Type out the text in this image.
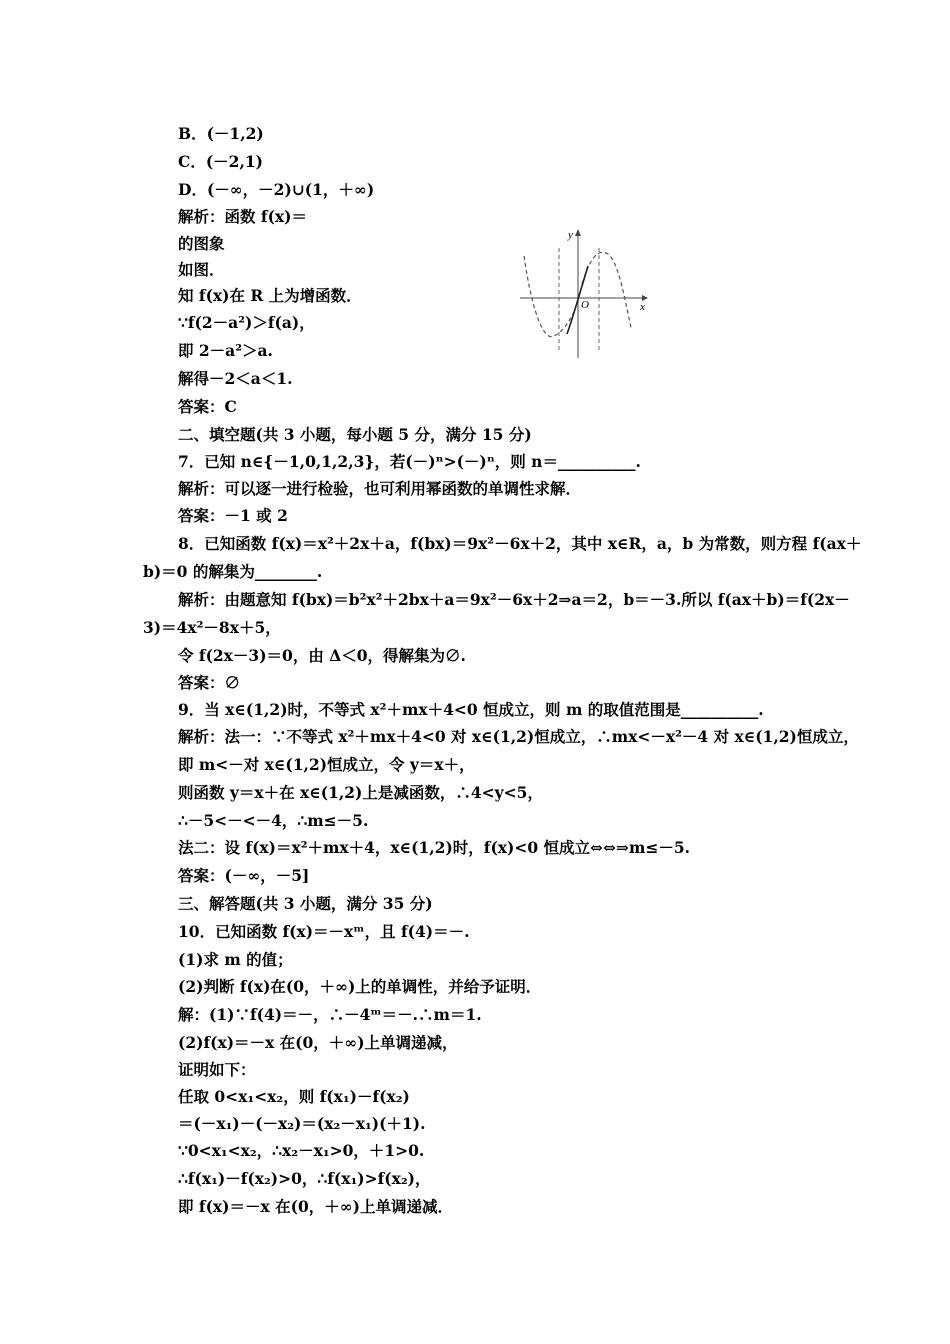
B．(－1,2)
C．(－2,1)
D．(－∞，－2)∪(1，＋∞)
解析：函数 f(x)＝
的图象
如图．
知 f(x)在 R 上为增函数．
∵f(2－a²)＞f(a)，
即 2－a²＞a.
解得－2＜a＜1.
答案：C
二、填空题(共 3 小题，每小题 5 分，满分 15 分)
7．已知 n∈{－1,0,1,2,3}，若(－)ⁿ>(－)ⁿ，则 n＝__________.
解析：可以逐一进行检验，也可利用幂函数的单调性求解．
答案：－1 或 2
8．已知函数 f(x)＝x²＋2x＋a，f(bx)＝9x²－6x＋2，其中 x∈R，a，b 为常数，则方程 f(ax＋
b)＝0 的解集为________.
解析：由题意知 f(bx)＝b²x²＋2bx＋a＝9x²－6x＋2⇒a＝2，b＝－3.所以 f(ax＋b)＝f(2x－
3)＝4x²－8x＋5，
令 f(2x－3)＝0，由 Δ＜0，得解集为∅.
答案：∅
9．当 x∈(1,2)时，不等式 x²＋mx＋4<0 恒成立，则 m 的取值范围是__________.
解析：法一：∵不等式 x²＋mx＋4<0 对 x∈(1,2)恒成立，∴mx<－x²－4 对 x∈(1,2)恒成立，
即 m<－对 x∈(1,2)恒成立，令 y＝x＋，
则函数 y＝x＋在 x∈(1,2)上是减函数，∴4<y<5，
∴－5<－<－4，∴m≤－5.
法二：设 f(x)＝x²＋mx＋4，x∈(1,2)时，f(x)<0 恒成立⇔⇔⇒m≤－5.
答案：(－∞，－5]
三、解答题(共 3 小题，满分 35 分)
10．已知函数 f(x)＝－xᵐ，且 f(4)＝－.
(1)求 m 的值；
(2)判断 f(x)在(0，＋∞)上的单调性，并给予证明．
解：(1)∵f(4)＝－，∴－4ᵐ＝－.∴m＝1.
(2)f(x)＝－x 在(0，＋∞)上单调递减，
证明如下：
任取 0<x₁<x₂，则 f(x₁)－f(x₂)
＝(－x₁)－(－x₂)＝(x₂－x₁)(＋1).
∵0<x₁<x₂，∴x₂－x₁>0，＋1>0.
∴f(x₁)－f(x₂)>0，∴f(x₁)>f(x₂)，
即 f(x)＝－x 在(0，＋∞)上单调递减．
y
x
O
